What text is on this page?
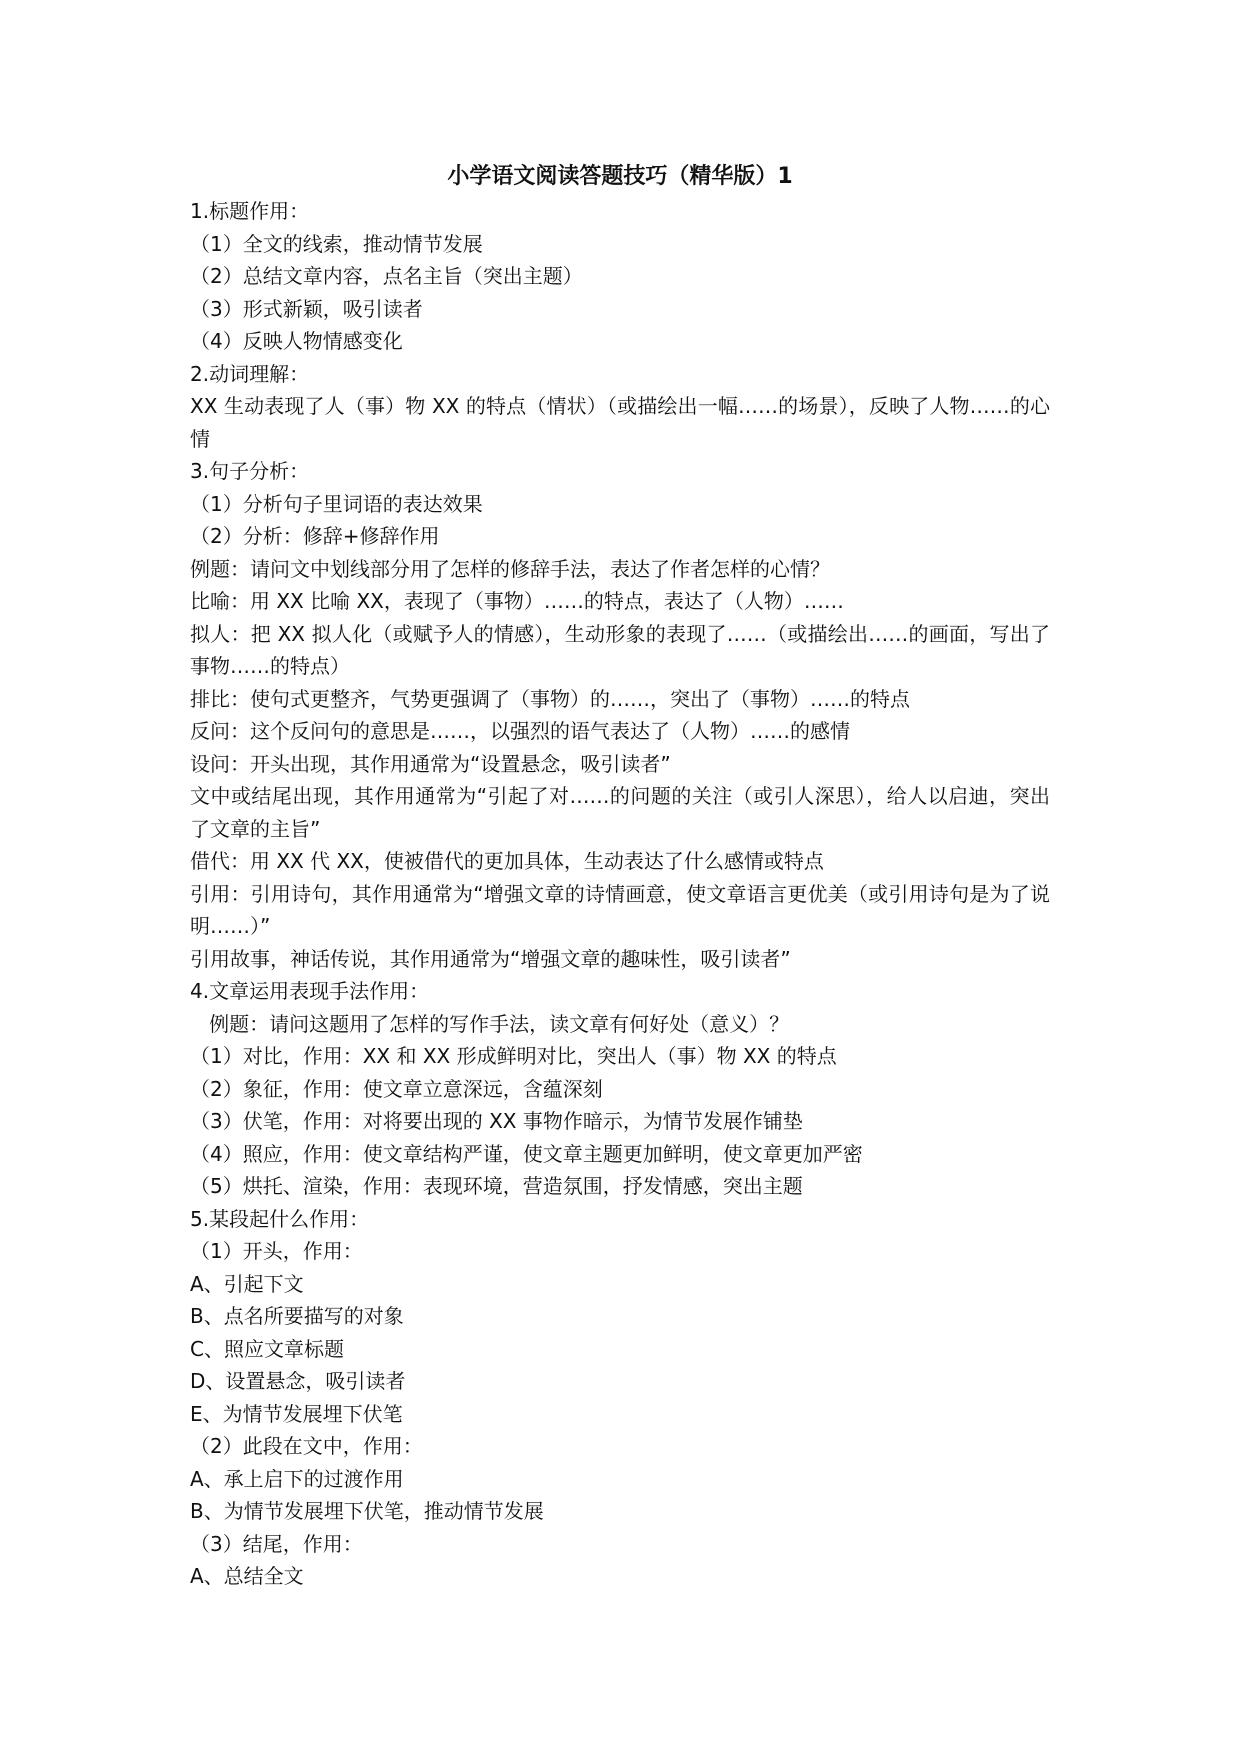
小学语文阅读答题技巧（精华版）1

1.标题作用：

（1）全文的线索，推动情节发展

（2）总结文章内容，点名主旨（突出主题）

（3）形式新颖，吸引读者

（4）反映人物情感变化

2.动词理解：

XX 生动表现了人（事）物 XX 的特点（情状）（或描绘出一幅……的场景），反映了人物……的心情

3.句子分析：

（1）分析句子里词语的表达效果

（2）分析：修辞+修辞作用

例题：请问文中划线部分用了怎样的修辞手法，表达了作者怎样的心情？

比喻：用 XX 比喻 XX，表现了（事物）……的特点，表达了（人物）……

拟人：把 XX 拟人化（或赋予人的情感），生动形象的表现了……（或描绘出……的画面，写出了事物……的特点）

排比：使句式更整齐，气势更强调了（事物）的……，突出了（事物）……的特点

反问：这个反问句的意思是……，以强烈的语气表达了（人物）……的感情

设问：开头出现，其作用通常为“设置悬念，吸引读者”

文中或结尾出现，其作用通常为“引起了对……的问题的关注（或引人深思），给人以启迪，突出了文章的主旨”

借代：用 XX 代 XX，使被借代的更加具体，生动表达了什么感情或特点

引用：引用诗句，其作用通常为“增强文章的诗情画意，使文章语言更优美（或引用诗句是为了说明……）”

引用故事，神话传说，其作用通常为“增强文章的趣味性，吸引读者”

4.文章运用表现手法作用：

例题：请问这题用了怎样的写作手法，读文章有何好处（意义）？

（1）对比，作用：XX 和 XX 形成鲜明对比，突出人（事）物 XX 的特点

（2）象征，作用：使文章立意深远，含蕴深刻

（3）伏笔，作用：对将要出现的 XX 事物作暗示，为情节发展作铺垫

（4）照应，作用：使文章结构严谨，使文章主题更加鲜明，使文章更加严密

（5）烘托、渲染，作用：表现环境，营造氛围，抒发情感，突出主题

5.某段起什么作用：

（1）开头，作用：

A、引起下文

B、点名所要描写的对象

C、照应文章标题

D、设置悬念，吸引读者

E、为情节发展埋下伏笔

（2）此段在文中，作用：

A、承上启下的过渡作用

B、为情节发展埋下伏笔，推动情节发展

（3）结尾，作用：

A、总结全文
